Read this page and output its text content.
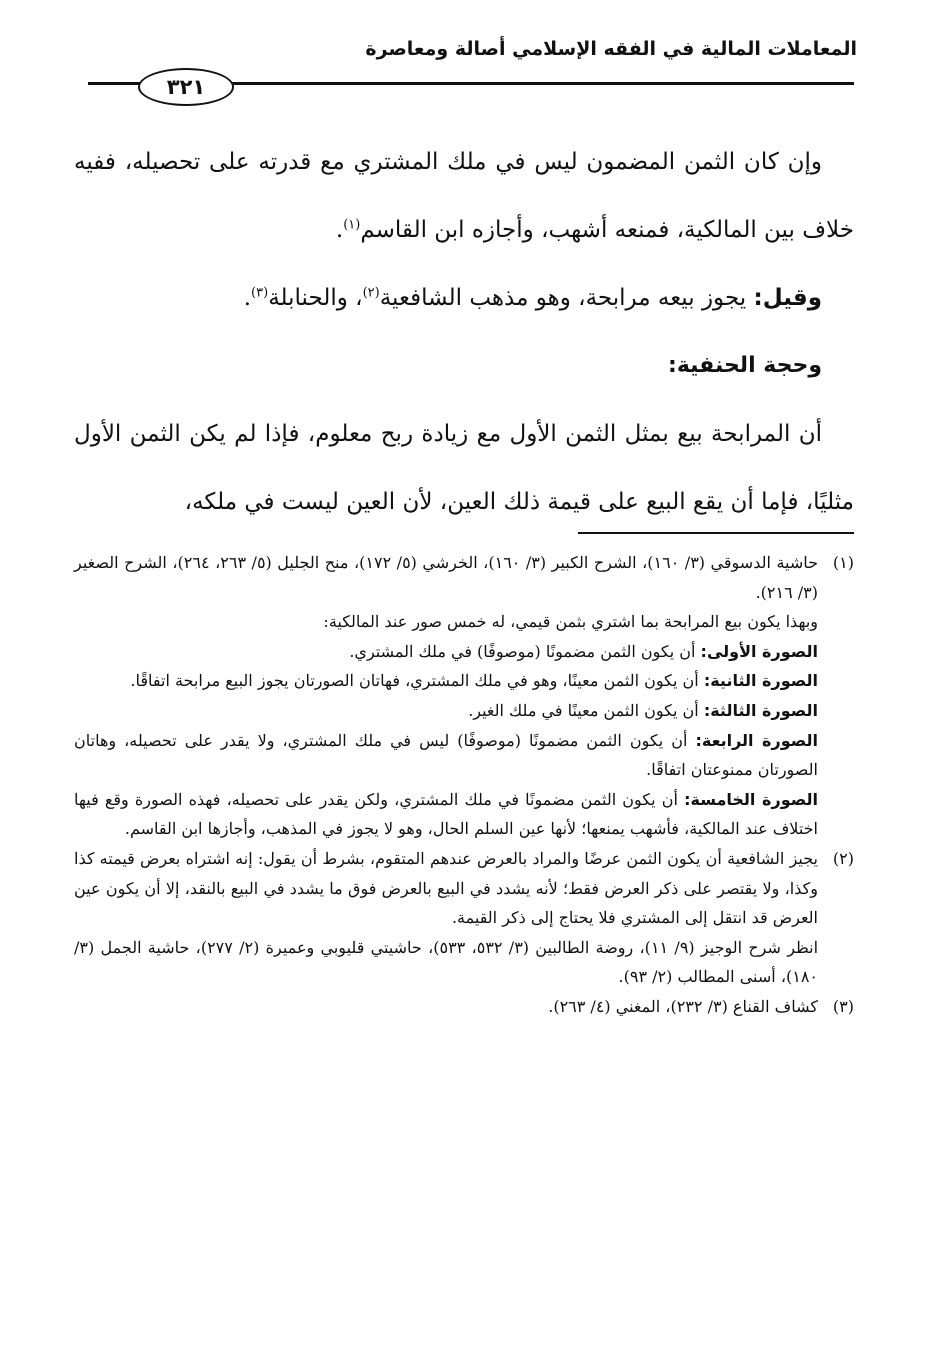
المعاملات المالية في الفقه الإسلامي أصالة ومعاصرة
٣٢١

وإن كان الثمن المضمون ليس في ملك المشتري مع قدرته على تحصيله، ففيه خلاف بين المالكية، فمنعه أشهب، وأجازه ابن القاسم$^{(١)}$.

وقيل: يجوز بيعه مرابحة، وهو مذهب الشافعية$^{(٢)}$، والحنابلة$^{(٣)}$.

وحجة الحنفية:

أن المرابحة بيع بمثل الثمن الأول مع زيادة ربح معلوم، فإذا لم يكن الثمن الأول مثليًا، فإما أن يقع البيع على قيمة ذلك العين، لأن العين ليست في ملكه،

(١)

حاشية الدسوقي (٣/ ١٦٠)، الشرح الكبير (٣/ ١٦٠)، الخرشي (٥/ ١٧٢)، منح الجليل (٥/ ٢٦٣، ٢٦٤)، الشرح الصغير (٣/ ٢١٦).

وبهذا يكون بيع المرابحة بما اشتري بثمن قيمي، له خمس صور عند المالكية:

الصورة الأولى: أن يكون الثمن مضمونًا (موصوفًا) في ملك المشتري.

الصورة الثانية: أن يكون الثمن معينًا، وهو في ملك المشتري، فهاتان الصورتان يجوز البيع مرابحة اتفاقًا.

الصورة الثالثة: أن يكون الثمن معينًا في ملك الغير.

الصورة الرابعة: أن يكون الثمن مضمونًا (موصوفًا) ليس في ملك المشتري، ولا يقدر على تحصيله، وهاتان الصورتان ممنوعتان اتفاقًا.

الصورة الخامسة: أن يكون الثمن مضمونًا في ملك المشتري، ولكن يقدر على تحصيله، فهذه الصورة وقع فيها اختلاف عند المالكية، فأشهب يمنعها؛ لأنها عين السلم الحال، وهو لا يجوز في المذهب، وأجازها ابن القاسم.

(٢)

يجيز الشافعية أن يكون الثمن عرضًا والمراد بالعرض عندهم المتقوم، بشرط أن يقول: إنه اشتراه بعرض قيمته كذا وكذا، ولا يقتصر على ذكر العرض فقط؛ لأنه يشدد في البيع بالعرض فوق ما يشدد في البيع بالنقد، إلا أن يكون عين العرض قد انتقل إلى المشتري فلا يحتاج إلى ذكر القيمة.

انظر شرح الوجيز (٩/ ١١)، روضة الطالبين (٣/ ٥٣٢، ٥٣٣)، حاشيتي قليوبي وعميرة (٢/ ٢٧٧)، حاشية الجمل (٣/ ١٨٠)، أسنى المطالب (٢/ ٩٣).

(٣)

كشاف القناع (٣/ ٢٣٢)، المغني (٤/ ٢٦٣).
